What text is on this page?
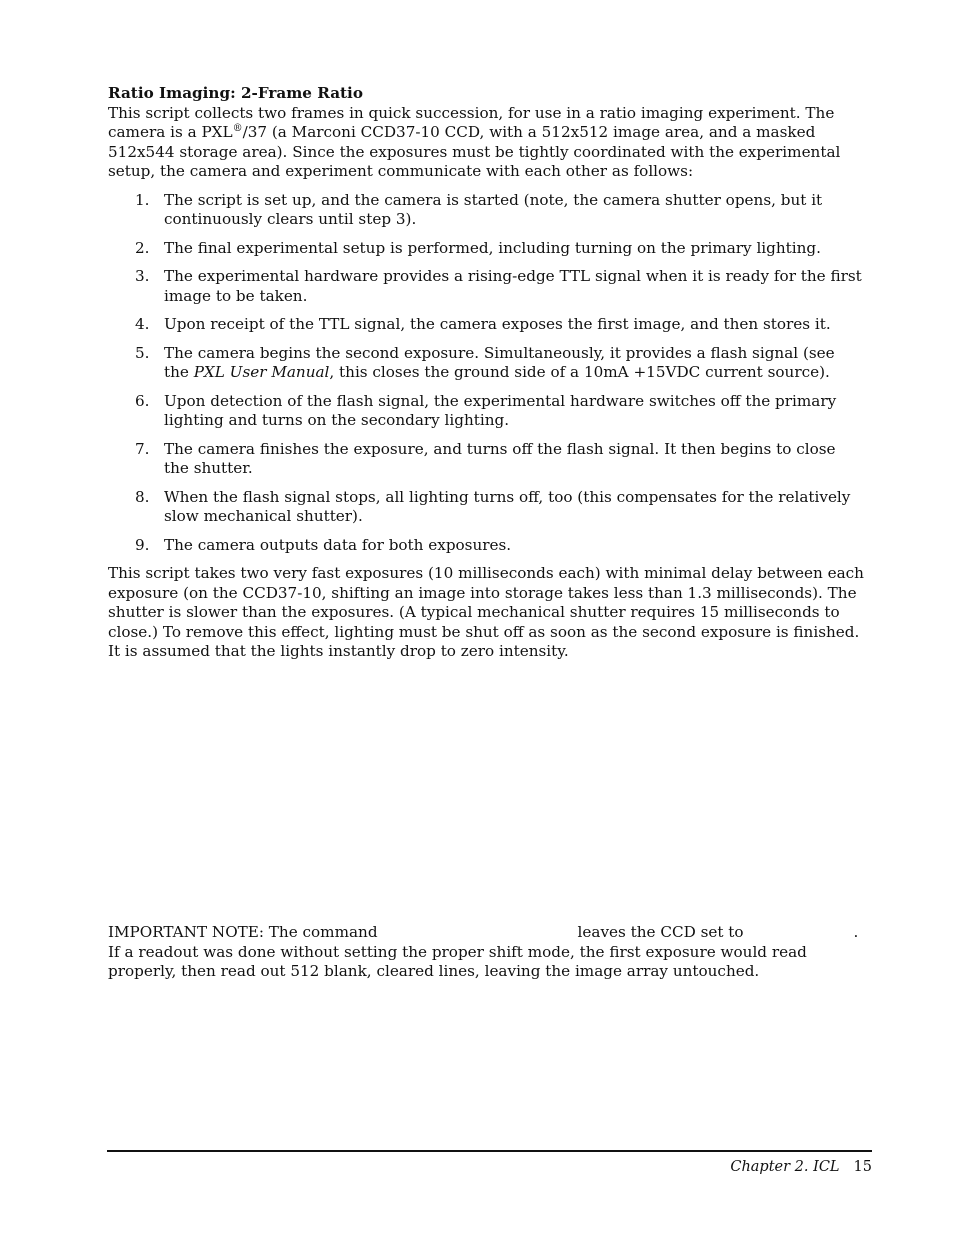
Ratio Imaging: 2-Frame Ratio

This script collects two frames in quick succession, for use in a ratio imaging experiment. The camera is a PXL®/37 (a Marconi CCD37-10 CCD, with a 512x512 image area, and a masked 512x544 storage area). Since the exposures must be tightly coordinated with the experimental setup, the camera and experiment communicate with each other as follows:

1. The script is set up, and the camera is started (note, the camera shutter opens, but it continuously clears until step 3).
2. The final experimental setup is performed, including turning on the primary lighting.
3. The experimental hardware provides a rising-edge TTL signal when it is ready for the first image to be taken.
4. Upon receipt of the TTL signal, the camera exposes the first image, and then stores it.
5. The camera begins the second exposure. Simultaneously, it provides a flash signal (see the PXL User Manual, this closes the ground side of a 10mA +15VDC current source).
6. Upon detection of the flash signal, the experimental hardware switches off the primary lighting and turns on the secondary lighting.
7. The camera finishes the exposure, and turns off the flash signal. It then begins to close the shutter.
8. When the flash signal stops, all lighting turns off, too (this compensates for the relatively slow mechanical shutter).
9. The camera outputs data for both exposures.

This script takes two very fast exposures (10 milliseconds each) with minimal delay between each exposure (on the CCD37-10, shifting an image into storage takes less than 1.3 milliseconds). The shutter is slower than the exposures. (A typical mechanical shutter requires 15 milliseconds to close.) To remove this effect, lighting must be shut off as soon as the second exposure is finished. It is assumed that the lights instantly drop to zero intensity.

IMPORTANT NOTE: The command	leaves the CCD set to	. If a readout was done without setting the proper shift mode, the first exposure would read properly, then read out 512 blank, cleared lines, leaving the image array untouched.

Chapter 2. ICL 15
